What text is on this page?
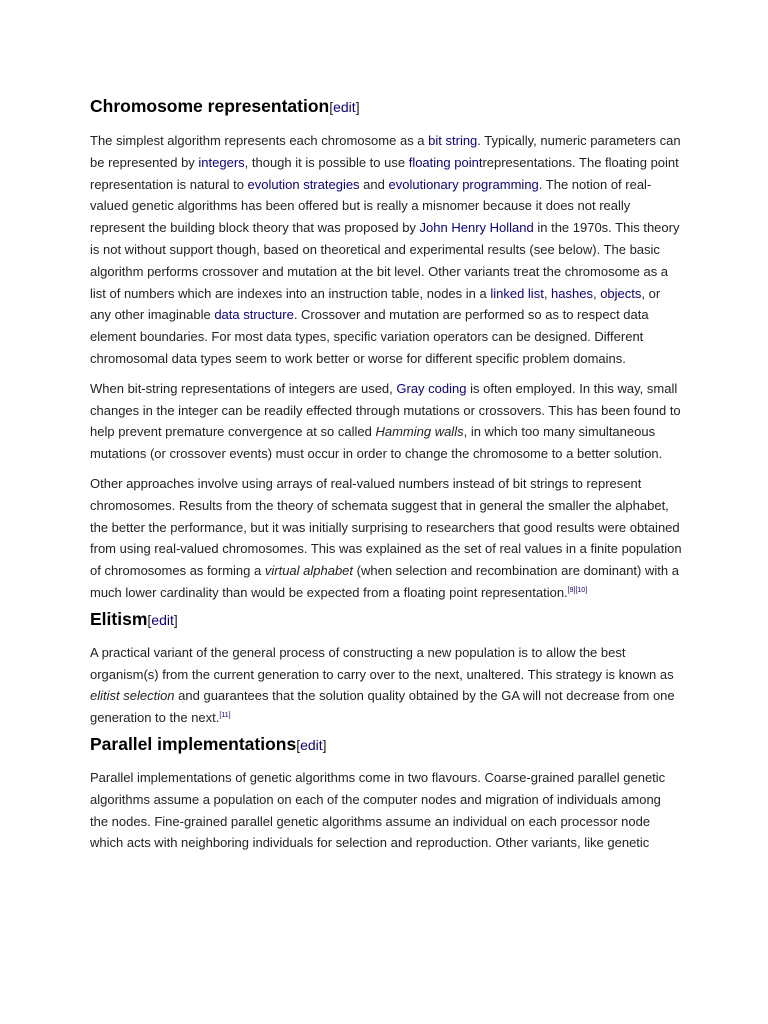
Chromosome representation[edit]

The simplest algorithm represents each chromosome as a bit string. Typically, numeric parameters can be represented by integers, though it is possible to use floating pointrepresentations. The floating point representation is natural to evolution strategies and evolutionary programming. The notion of real-valued genetic algorithms has been offered but is really a misnomer because it does not really represent the building block theory that was proposed by John Henry Holland in the 1970s. This theory is not without support though, based on theoretical and experimental results (see below). The basic algorithm performs crossover and mutation at the bit level. Other variants treat the chromosome as a list of numbers which are indexes into an instruction table, nodes in a linked list, hashes, objects, or any other imaginable data structure. Crossover and mutation are performed so as to respect data element boundaries. For most data types, specific variation operators can be designed. Different chromosomal data types seem to work better or worse for different specific problem domains.

When bit-string representations of integers are used, Gray coding is often employed. In this way, small changes in the integer can be readily effected through mutations or crossovers. This has been found to help prevent premature convergence at so called Hamming walls, in which too many simultaneous mutations (or crossover events) must occur in order to change the chromosome to a better solution.

Other approaches involve using arrays of real-valued numbers instead of bit strings to represent chromosomes. Results from the theory of schemata suggest that in general the smaller the alphabet, the better the performance, but it was initially surprising to researchers that good results were obtained from using real-valued chromosomes. This was explained as the set of real values in a finite population of chromosomes as forming a virtual alphabet (when selection and recombination are dominant) with a much lower cardinality than would be expected from a floating point representation.[9][10]

Elitism[edit]

A practical variant of the general process of constructing a new population is to allow the best organism(s) from the current generation to carry over to the next, unaltered. This strategy is known as elitist selection and guarantees that the solution quality obtained by the GA will not decrease from one generation to the next.[11]

Parallel implementations[edit]

Parallel implementations of genetic algorithms come in two flavours. Coarse-grained parallel genetic algorithms assume a population on each of the computer nodes and migration of individuals among the nodes. Fine-grained parallel genetic algorithms assume an individual on each processor node which acts with neighboring individuals for selection and reproduction. Other variants, like genetic
